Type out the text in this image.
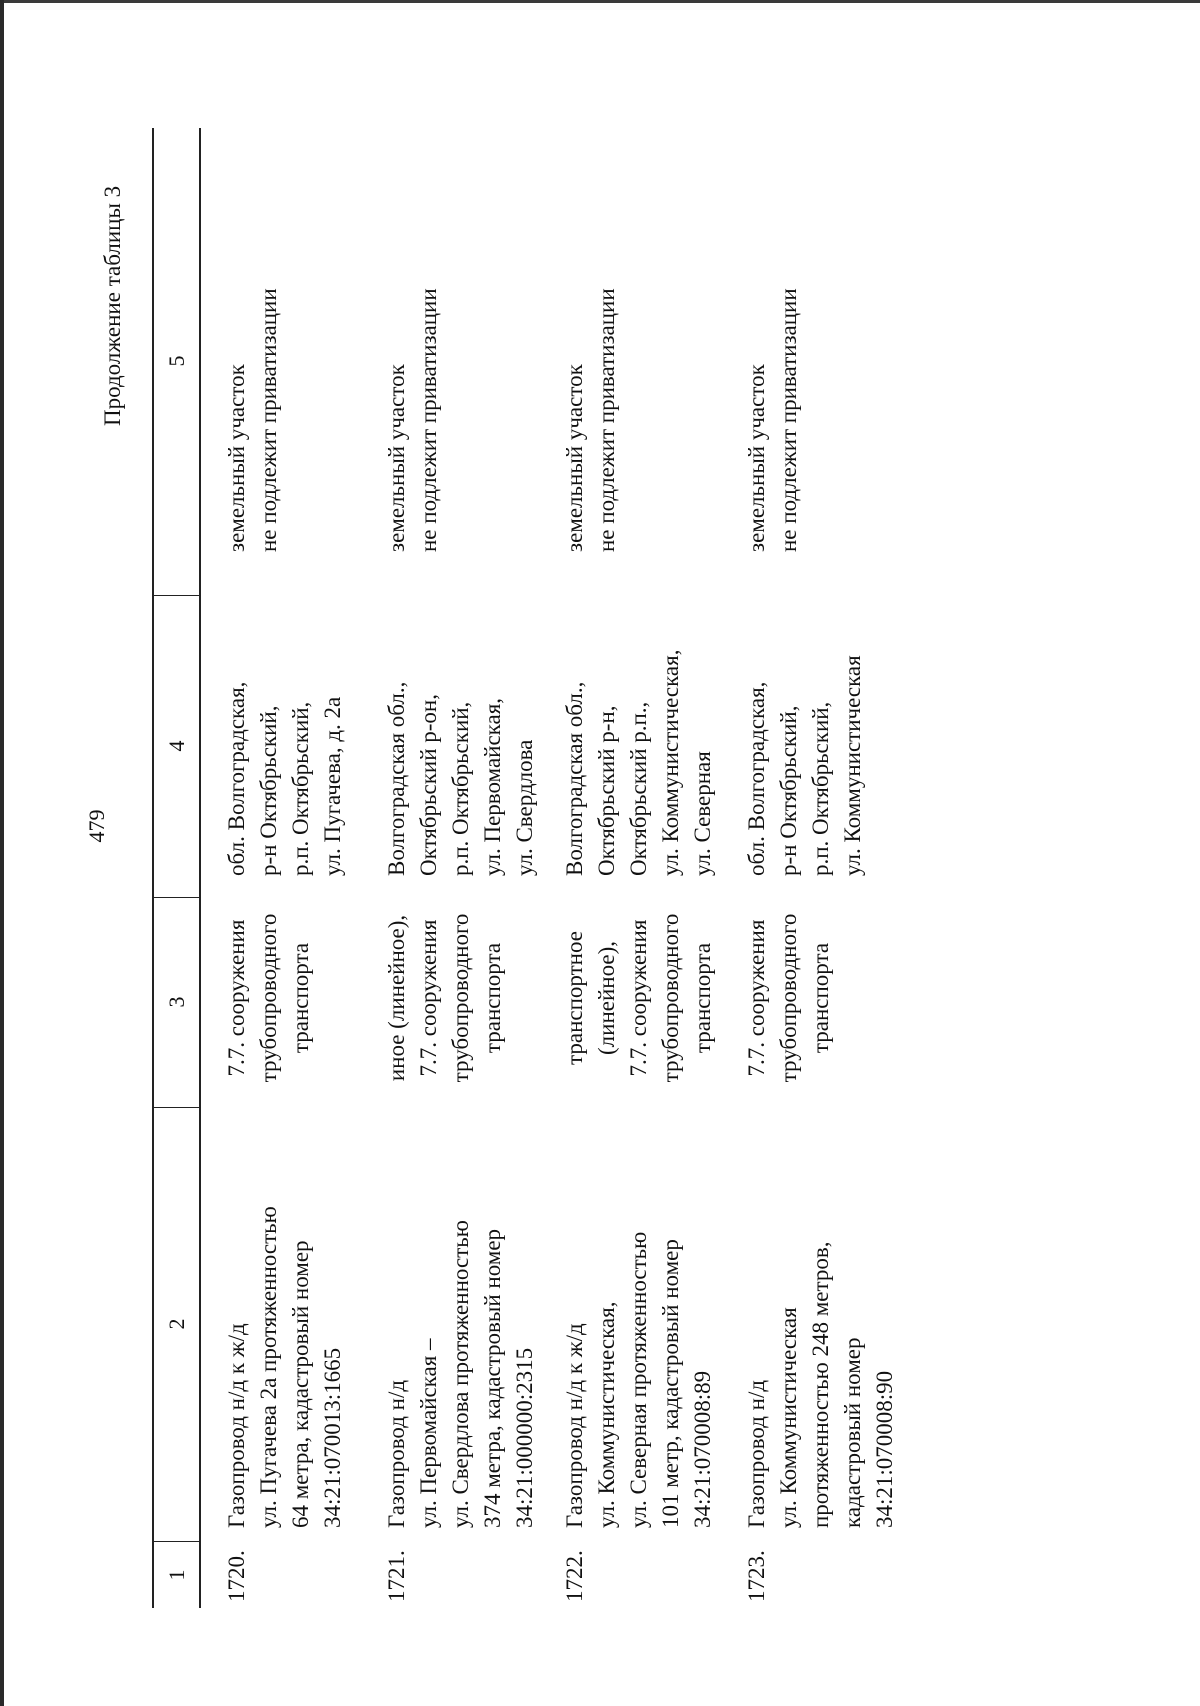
479
Продолжение таблицы 3
1
2
3
4
5
1720.
Газопровод н/д к ж/д
ул. Пугачева 2а протяженностью
64 метра, кадастровый номер
34:21:070013:1665
7.7. сооружения
трубопроводного
транспорта
обл. Волгоградская,
р-н Октябрьский,
р.п. Октябрьский,
ул. Пугачева, д. 2а
земельный участок
не подлежит приватизации
1721.
Газопровод н/д
ул. Первомайская –
ул. Свердлова протяженностью
374 метра, кадастровый номер
34:21:000000:2315
иное (линейное),
7.7. сооружения
трубопроводного
транспорта
Волгоградская обл.,
Октябрьский р-он,
р.п. Октябрьский,
ул. Первомайская,
ул. Свердлова
земельный участок
не подлежит приватизации
1722.
Газопровод н/д к ж/д
ул. Коммунистическая,
ул. Северная протяженностью
101 метр, кадастровый номер
34:21:070008:89
транспортное
(линейное),
7.7. сооружения
трубопроводного
транспорта
Волгоградская обл.,
Октябрьский р-н,
Октябрьский р.п.,
ул. Коммунистическая,
ул. Северная
земельный участок
не подлежит приватизации
1723.
Газопровод н/д
ул. Коммунистическая
протяженностью 248 метров,
кадастровый номер
34:21:070008:90
7.7. сооружения
трубопроводного
транспорта
обл. Волгоградская,
р-н Октябрьский,
р.п. Октябрьский,
ул. Коммунистическая
земельный участок
не подлежит приватизации
